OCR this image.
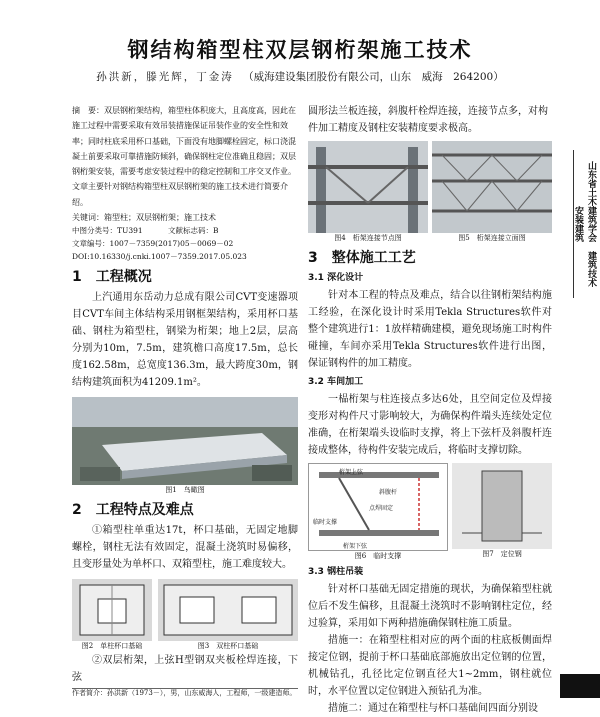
钢结构箱型柱双层钢桁架施工技术
孙洪新，滕光辉，丁金涛 （威海建设集团股份有限公司，山东　威海　264200）
摘　要：双层钢桁架结构，箱型柱体积庞大，且高度高，因此在施工过程中需要采取有效吊装措施保证吊装作业的安全性和效率；同时柱底采用杯口基础，下面没有地脚螺栓固定，标口浇混凝土前要采取可靠措施防倾斜，确保钢柱定位准确且稳固；双层钢桁架安装，需要考虑安装过程中的稳定控制和工序交叉作业。文章主要针对钢结构箱型柱双层钢桁架的施工技术进行简要介绍。
关键词：箱型柱；双层钢桁架；施工技术
中图分类号：TU391	文献标志码：B
文章编号：1007－7359(2017)05－0069－02
DOI:10.16330/j.cnki.1007－7359.2017.05.023
1　工程概况

上汽通用东岳动力总成有限公司CVT变速器项目CVT车间主体结构采用钢框架结构，采用杯口基础、钢柱为箱型柱，钢梁为桁架；地上2层，层高分别为10m，7.5m，建筑檐口高度17.5m，总长度162.58m，总宽度136.3m，最大跨度30m，钢结构建筑面积为41209.1m²。

图1　鸟瞰图
2　工程特点及难点

①箱型柱单重达17t，杯口基础，无固定地脚螺栓，钢柱无法有效固定，混凝土浇筑时易偏移，且变形量处为单杯口、双箱型柱，施工难度较大。

图2　单柱杯口基础	图3　双柱杯口基础

②双层桁架，上弦H型钢双夹板栓焊连接，下弦

作者简介：孙洪新（1973－），男，山东威海人，工程师，一级建造师。
圆形法兰板连接，斜腹杆栓焊连接，连接节点多，对构件加工精度及钢柱安装精度要求极高。
图4　桁架连接节点图	图5　桁架连接立面图
3　整体施工工艺
3.1 深化设计

针对本工程的特点及难点，结合以往钢桁架结构施工经验，在深化设计时采用Tekla Structures软件对整个建筑进行1：1放样精确建模，避免现场施工时构件碰撞，车间亦采用Tekla Structures软件进行出图，保证钢构件的加工精度。

3.2 车间加工

一榀桁架与柱连接点多达6处，且空间定位及焊接变形对构件尺寸影响较大，为确保构件端头连续处定位准确，在桁架端头设临时支撑，将上下弦杆及斜腹杆连接成整体，待构件安装完成后，将临时支撑切除。

桁架上弦
斜腹杆
点焊固定
临时支撑
桁架下弦
图6　临时支撑	图7　定位钢
3.3 钢柱吊装

针对杯口基础无固定措施的现状，为确保箱型柱就位后不发生偏移，且混凝土浇筑时不影响钢柱定位，经过验算，采用如下两种措施确保钢柱施工质量。

措施一：在箱型柱相对应的两个面的柱底板侧面焊接定位钢，提前于杯口基础底部施放出定位钢的位置，机械钻孔，孔径比定位钢直径大1~2mm，钢柱就位时，水平位置以定位钢进入预钻孔为准。

措施二：通过在箱型柱与杯口基础间四面分别设

山东省土木建筑学会　建筑技术　安装建筑
